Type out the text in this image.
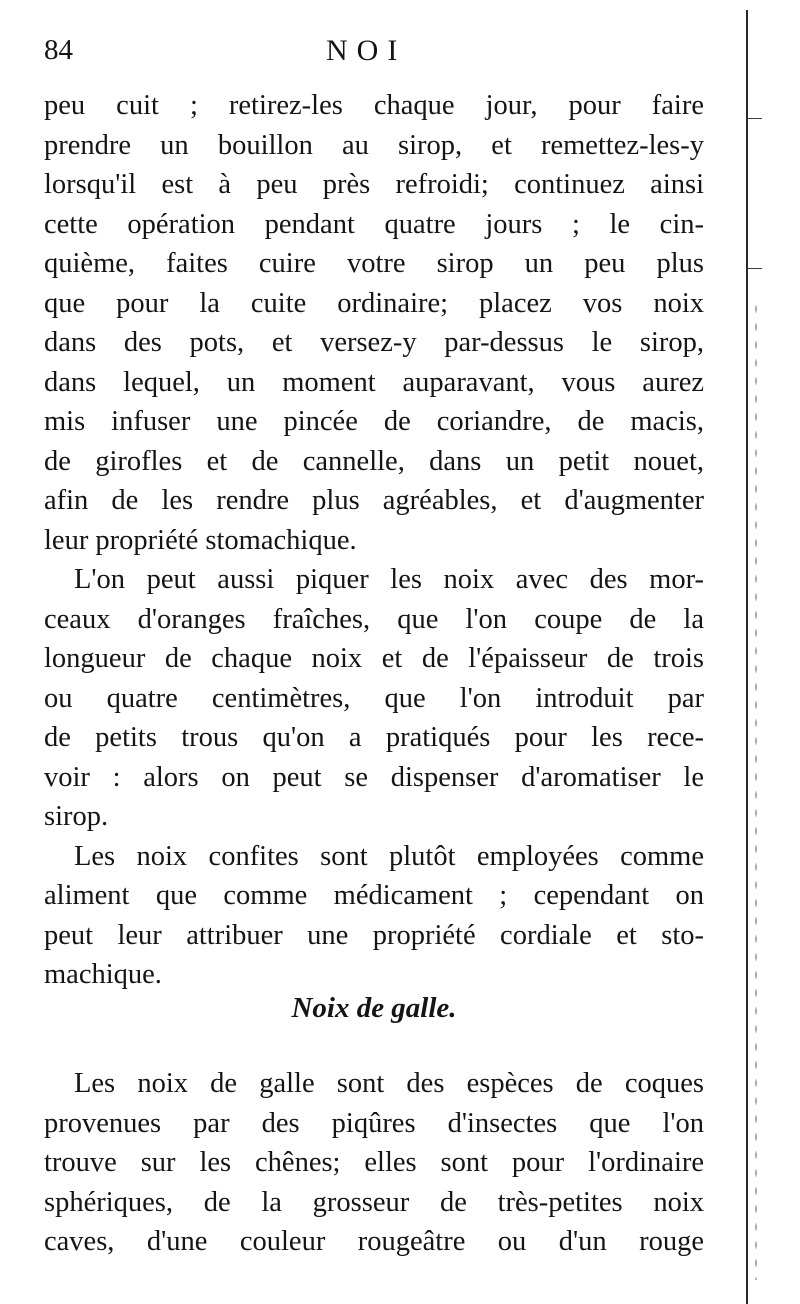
84	NOI
peu cuit ; retirez-les chaque jour, pour faire
prendre un bouillon au sirop, et remettez-les-y
lorsqu'il est à peu près refroidi; continuez ainsi
cette opération pendant quatre jours ; le cin-
quième, faites cuire votre sirop un peu plus
que pour la cuite ordinaire; placez vos noix
dans des pots, et versez-y par-dessus le sirop,
dans lequel, un moment auparavant, vous aurez
mis infuser une pincée de coriandre, de macis,
de girofles et de cannelle, dans un petit nouet,
afin de les rendre plus agréables, et d'augmenter
leur propriété stomachique.
L'on peut aussi piquer les noix avec des mor-
ceaux d'oranges fraîches, que l'on coupe de la
longueur de chaque noix et de l'épaisseur de trois
ou quatre centimètres, que l'on introduit par
de petits trous qu'on a pratiqués pour les rece-
voir : alors on peut se dispenser d'aromatiser le
sirop.
Les noix confites sont plutôt employées comme
aliment que comme médicament ; cependant on
peut leur attribuer une propriété cordiale et sto-
machique.
Noix de galle.
Les noix de galle sont des espèces de coques
provenues par des piqûres d'insectes que l'on
trouve sur les chênes; elles sont pour l'ordinaire
sphériques, de la grosseur de très-petites noix
caves, d'une couleur rougeâtre ou d'un rouge
